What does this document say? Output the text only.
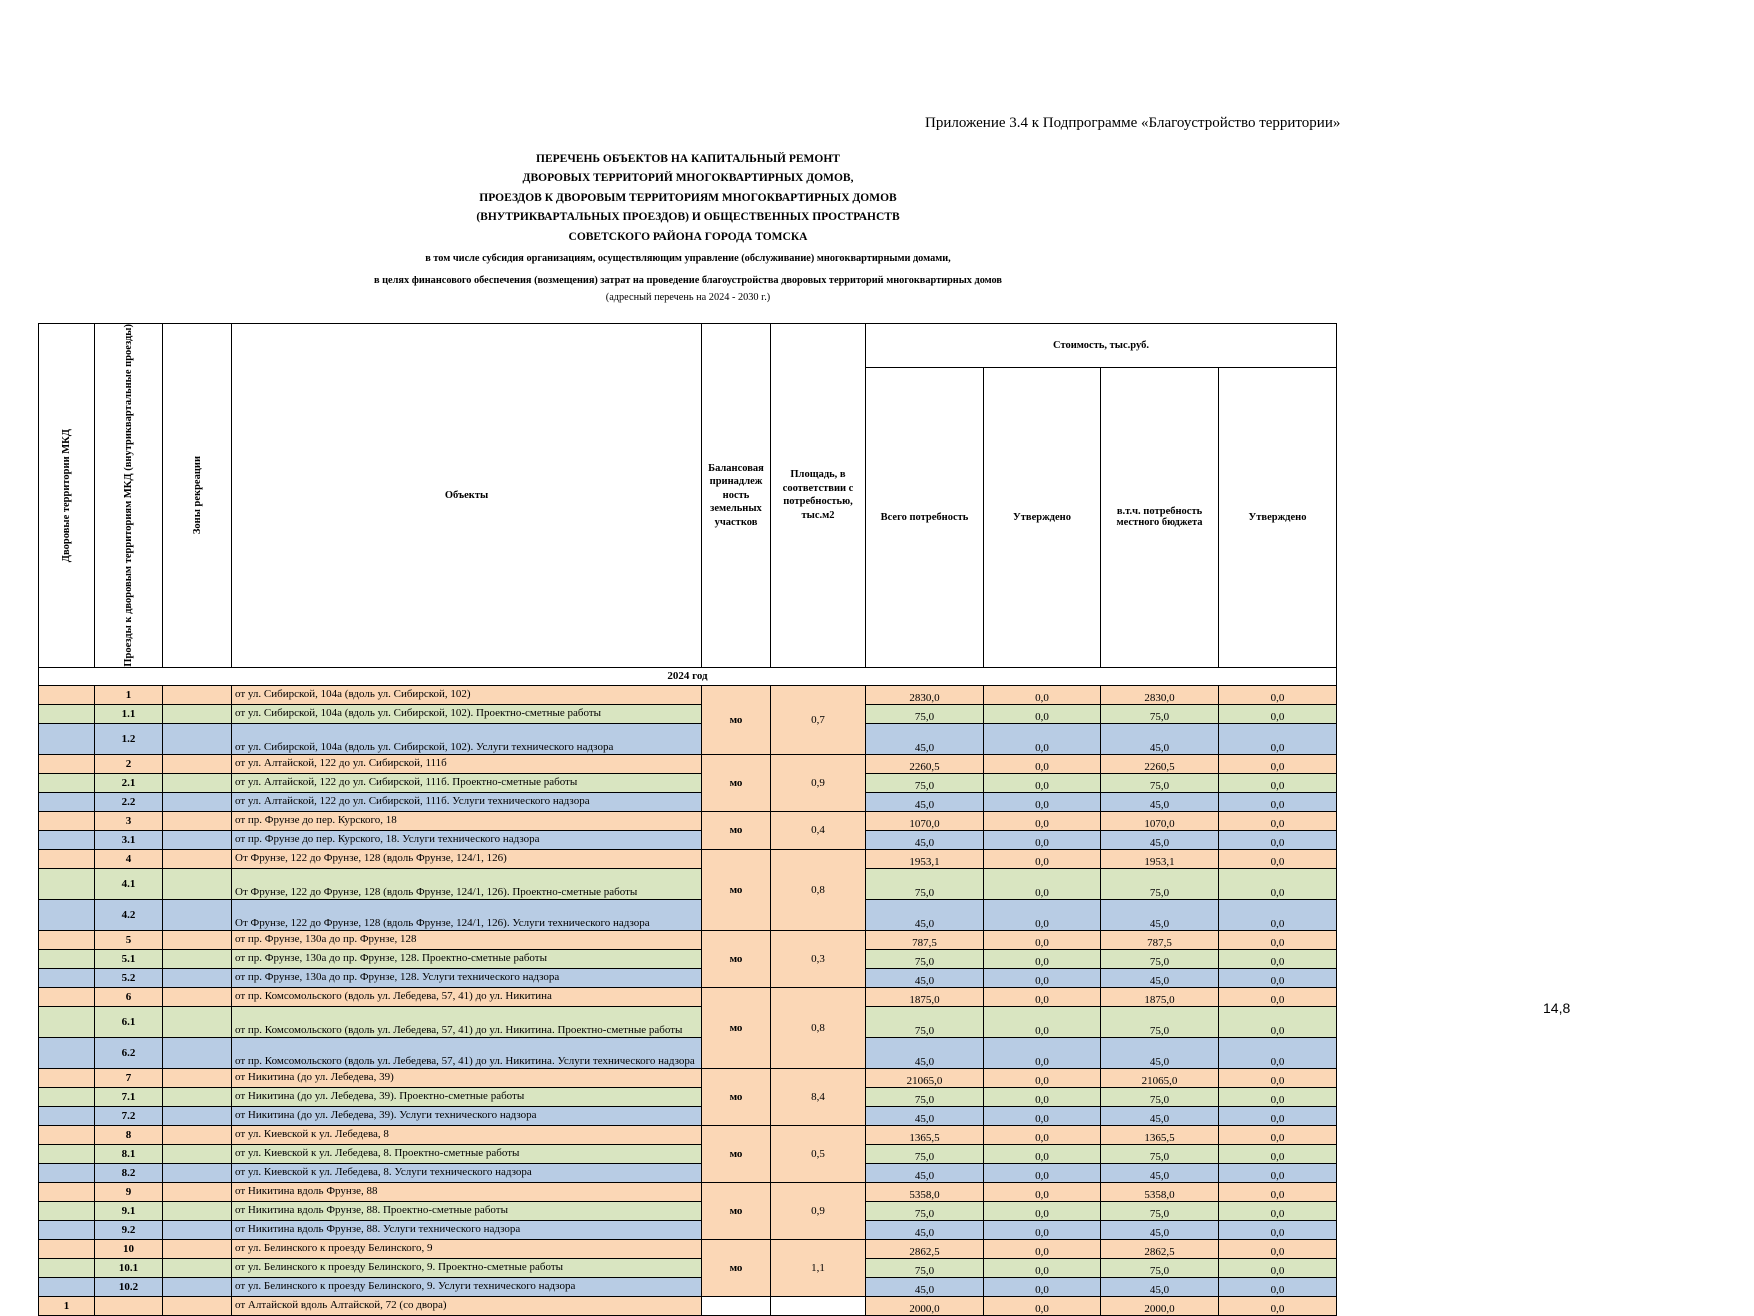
Приложение 3.4 к Подпрограмме «Благоустройство территории»
ПЕРЕЧЕНЬ ОБЪЕКТОВ НА КАПИТАЛЬНЫЙ РЕМОНТ
ДВОРОВЫХ ТЕРРИТОРИЙ МНОГОКВАРТИРНЫХ ДОМОВ,
ПРОЕЗДОВ К ДВОРОВЫМ ТЕРРИТОРИЯМ МНОГОКВАРТИРНЫХ ДОМОВ
(ВНУТРИКВАРТАЛЬНЫХ ПРОЕЗДОВ) И ОБЩЕСТВЕННЫХ ПРОСТРАНСТВ
СОВЕТСКОГО РАЙОНА ГОРОДА ТОМСКА
в том числе субсидия организациям, осуществляющим управление (обслуживание) многоквартирными домами,
в целях финансового обеспечения (возмещения) затрат на проведение благоустройства дворовых территорий многоквартирных домов
(адресный перечень на 2024 - 2030 г.)
14,8
Дворовые территории МКД	Проезды к дворовым территориям МКД (внутриквартальные проезды)	Зоны рекреации	Объекты	Балансовая принадлеж ность земельных участков	Площадь, в соответствии с потребностью, тыс.м2	Стоимость, тыс.руб.			
						Всего потребность	Утверждено	в.т.ч. потребность местного бюджета	Утверждено
2024 год									
	1		от ул. Сибирской, 104а (вдоль ул. Сибирской, 102)	мо	0,7	2830,0	0,0	2830,0	0,0
	1.1		от ул. Сибирской, 104а (вдоль ул. Сибирской, 102). Проектно-сметные работы			75,0	0,0	75,0	0,0
	1.2		от ул. Сибирской, 104а (вдоль ул. Сибирской, 102). Услуги технического надзора			45,0	0,0	45,0	0,0
	2		от ул. Алтайской, 122 до ул. Сибирской, 111б	мо	0,9	2260,5	0,0	2260,5	0,0
	2.1		от ул. Алтайской, 122 до ул. Сибирской, 111б. Проектно-сметные работы			75,0	0,0	75,0	0,0
	2.2		от ул. Алтайской, 122 до ул. Сибирской, 111б. Услуги технического надзора			45,0	0,0	45,0	0,0
	3		от пр. Фрунзе до пер. Курского, 18	мо	0,4	1070,0	0,0	1070,0	0,0
	3.1		от пр. Фрунзе до пер. Курского, 18. Услуги технического надзора			45,0	0,0	45,0	0,0
	4		От Фрунзе, 122 до Фрунзе, 128 (вдоль Фрунзе, 124/1, 126)	мо	0,8	1953,1	0,0	1953,1	0,0
	4.1		От Фрунзе, 122 до Фрунзе, 128 (вдоль Фрунзе, 124/1, 126). Проектно-сметные работы			75,0	0,0	75,0	0,0
	4.2		От Фрунзе, 122 до Фрунзе, 128 (вдоль Фрунзе, 124/1, 126). Услуги технического надзора			45,0	0,0	45,0	0,0
	5		от пр. Фрунзе, 130а до пр. Фрунзе, 128	мо	0,3	787,5	0,0	787,5	0,0
	5.1		от пр. Фрунзе, 130а до пр. Фрунзе, 128. Проектно-сметные работы			75,0	0,0	75,0	0,0
	5.2		от пр. Фрунзе, 130а до пр. Фрунзе, 128. Услуги технического надзора			45,0	0,0	45,0	0,0
	6		от пр. Комсомольского (вдоль ул. Лебедева, 57, 41) до ул. Никитина	мо	0,8	1875,0	0,0	1875,0	0,0
	6.1		от пр. Комсомольского (вдоль ул. Лебедева, 57, 41) до ул. Никитина. Проектно-сметные работы			75,0	0,0	75,0	0,0
	6.2		от пр. Комсомольского (вдоль ул. Лебедева, 57, 41) до ул. Никитина. Услуги технического надзора			45,0	0,0	45,0	0,0
	7		от Никитина (до ул. Лебедева, 39)	мо	8,4	21065,0	0,0	21065,0	0,0
	7.1		от Никитина (до ул. Лебедева, 39). Проектно-сметные работы			75,0	0,0	75,0	0,0
	7.2		от Никитина (до ул. Лебедева, 39). Услуги технического надзора			45,0	0,0	45,0	0,0
	8		от ул. Киевской к ул. Лебедева, 8	мо	0,5	1365,5	0,0	1365,5	0,0
	8.1		от ул. Киевской к ул. Лебедева, 8. Проектно-сметные работы			75,0	0,0	75,0	0,0
	8.2		от ул. Киевской к ул. Лебедева, 8. Услуги технического надзора			45,0	0,0	45,0	0,0
	9		от Никитина вдоль Фрунзе, 88	мо	0,9	5358,0	0,0	5358,0	0,0
	9.1		от Никитина вдоль Фрунзе, 88. Проектно-сметные работы			75,0	0,0	75,0	0,0
	9.2		от Никитина вдоль Фрунзе, 88. Услуги технического надзора			45,0	0,0	45,0	0,0
	10		от ул. Белинского к проезду Белинского, 9	мо	1,1	2862,5	0,0	2862,5	0,0
	10.1		от ул. Белинского к проезду Белинского, 9. Проектно-сметные работы			75,0	0,0	75,0	0,0
	10.2		от ул. Белинского к проезду Белинского, 9. Услуги технического надзора			45,0	0,0	45,0	0,0
1			от Алтайской вдоль Алтайской, 72 (со двора)			2000,0	0,0	2000,0	0,0
